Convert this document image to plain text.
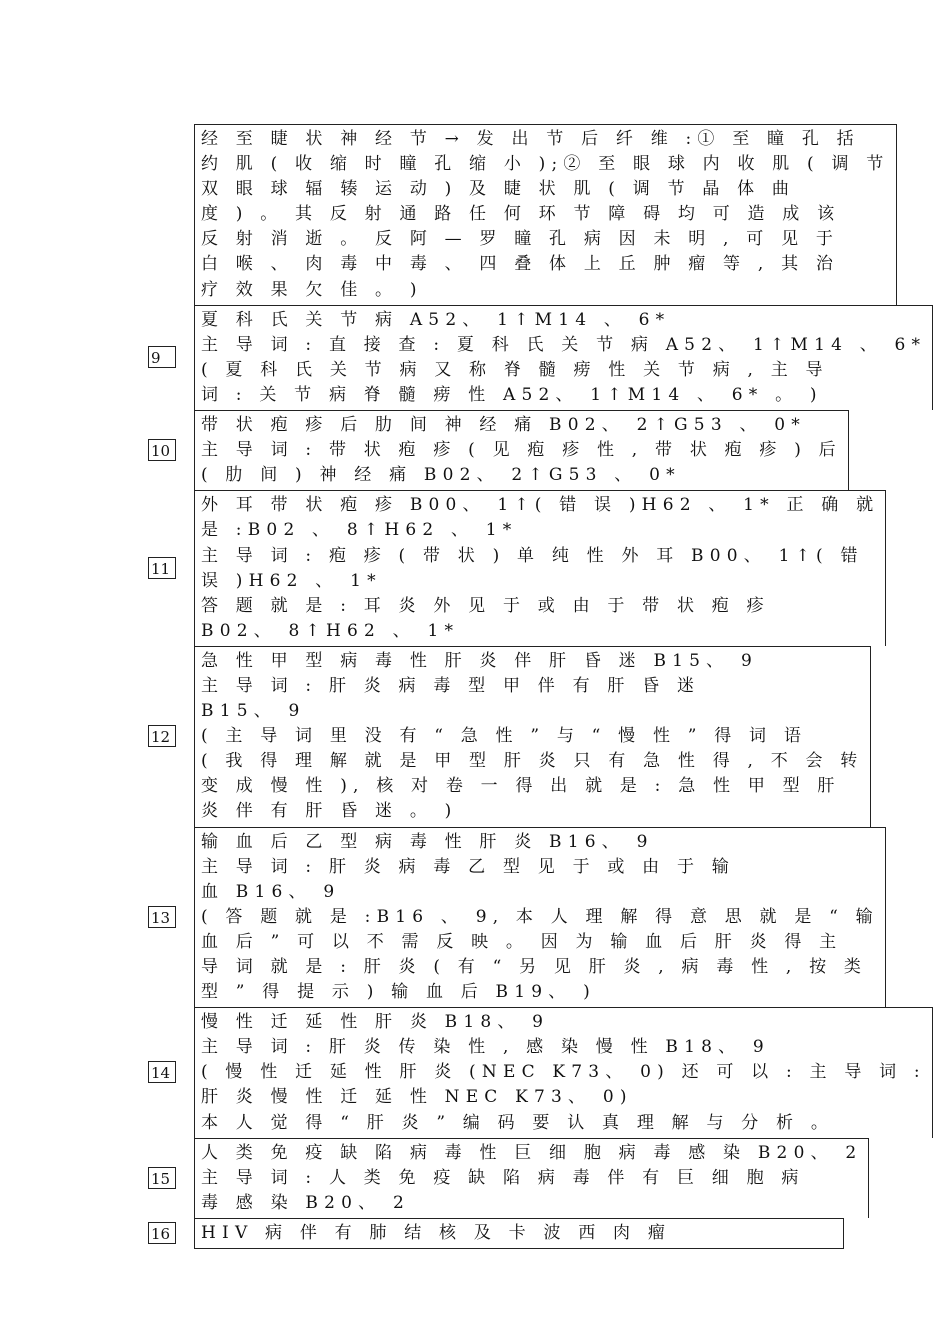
经 至 睫 状 神 经 节 → 发 出 节 后 纤 维 :① 至 瞳 孔 括
约 肌 ( 收 缩 时 瞳 孔 缩 小 );② 至 眼 球 内 收 肌 ( 调 节
双 眼 球 辐 辏 运 动 ) 及 睫 状 肌 ( 调 节 晶 体 曲
度 ) 。 其 反 射 通 路 任 何 环 节 障 碍 均 可 造 成 该
反 射 消 逝 。 反 阿 — 罗 瞳 孔 病 因 未 明 , 可 见 于
白 喉 、 肉 毒 中 毒 、 四 叠 体 上 丘 肿 瘤 等 , 其 治
疗 效 果 欠 佳 。 )
9
夏 科 氏 关 节 病 A52、 1↑M14 、 6*
主 导 词 : 直 接 查 : 夏 科 氏 关 节 病 A52、 1↑M14 、 6*
( 夏 科 氏 关 节 病 又 称 脊 髓 痨 性 关 节 病 , 主 导
词 : 关 节 病 脊 髓 痨 性 A52、 1↑M14 、 6* 。 )
10
带 状 疱 疹 后 肋 间 神 经 痛 B02、 2↑G53 、 0*
主 导 词 : 带 状 疱 疹 ( 见 疱 疹 性 , 带 状 疱 疹 ) 后
( 肋 间 ) 神 经 痛 B02、 2↑G53 、 0*
11
外 耳 带 状 疱 疹 B00、 1↑( 错 误 )H62 、 1* 正 确 就
是 :B02 、 8↑H62 、 1*
主 导 词 : 疱 疹 ( 带 状 ) 单 纯 性 外 耳 B00、 1↑( 错
误 )H62 、 1*
答 题 就 是 : 耳 炎 外 见 于 或 由 于 带 状 疱 疹
B02、 8↑H62 、 1*
12
急 性 甲 型 病 毒 性 肝 炎 伴 肝 昏 迷 B15、 9
主 导 词 : 肝 炎 病 毒 型 甲 伴 有 肝 昏 迷
B15、 9
( 主 导 词 里 没 有 “ 急 性 ” 与 “ 慢 性 ” 得 词 语
( 我 得 理 解 就 是 甲 型 肝 炎 只 有 急 性 得 , 不 会 转
变 成 慢 性 ), 核 对 卷 一 得 出 就 是 : 急 性 甲 型 肝
炎 伴 有 肝 昏 迷 。 )
13
输 血 后 乙 型 病 毒 性 肝 炎 B16、 9
主 导 词 : 肝 炎 病 毒 乙 型 见 于 或 由 于 输
血 B16、 9
( 答 题 就 是 :B16 、 9, 本 人 理 解 得 意 思 就 是 “ 输
血 后 ” 可 以 不 需 反 映 。 因 为 输 血 后 肝 炎 得 主
导 词 就 是 : 肝 炎 ( 有 “ 另 见 肝 炎 , 病 毒 性 , 按 类
型 ” 得 提 示 ) 输 血 后 B19、 )
14
慢 性 迁 延 性 肝 炎 B18、 9
主 导 词 : 肝 炎 传 染 性 , 感 染 慢 性 B18、 9
( 慢 性 迁 延 性 肝 炎 (NEC K73、 0) 还 可 以 : 主 导 词 :
肝 炎 慢 性 迁 延 性 NEC K73、 0)
本 人 觉 得 “ 肝 炎 ” 编 码 要 认 真 理 解 与 分 析 。
15
人 类 免 疫 缺 陷 病 毒 性 巨 细 胞 病 毒 感 染 B20、 2
主 导 词 : 人 类 免 疫 缺 陷 病 毒 伴 有 巨 细 胞 病
毒 感 染 B20、 2
16	HIV 病 伴 有 肺 结 核 及 卡 波 西 肉 瘤
